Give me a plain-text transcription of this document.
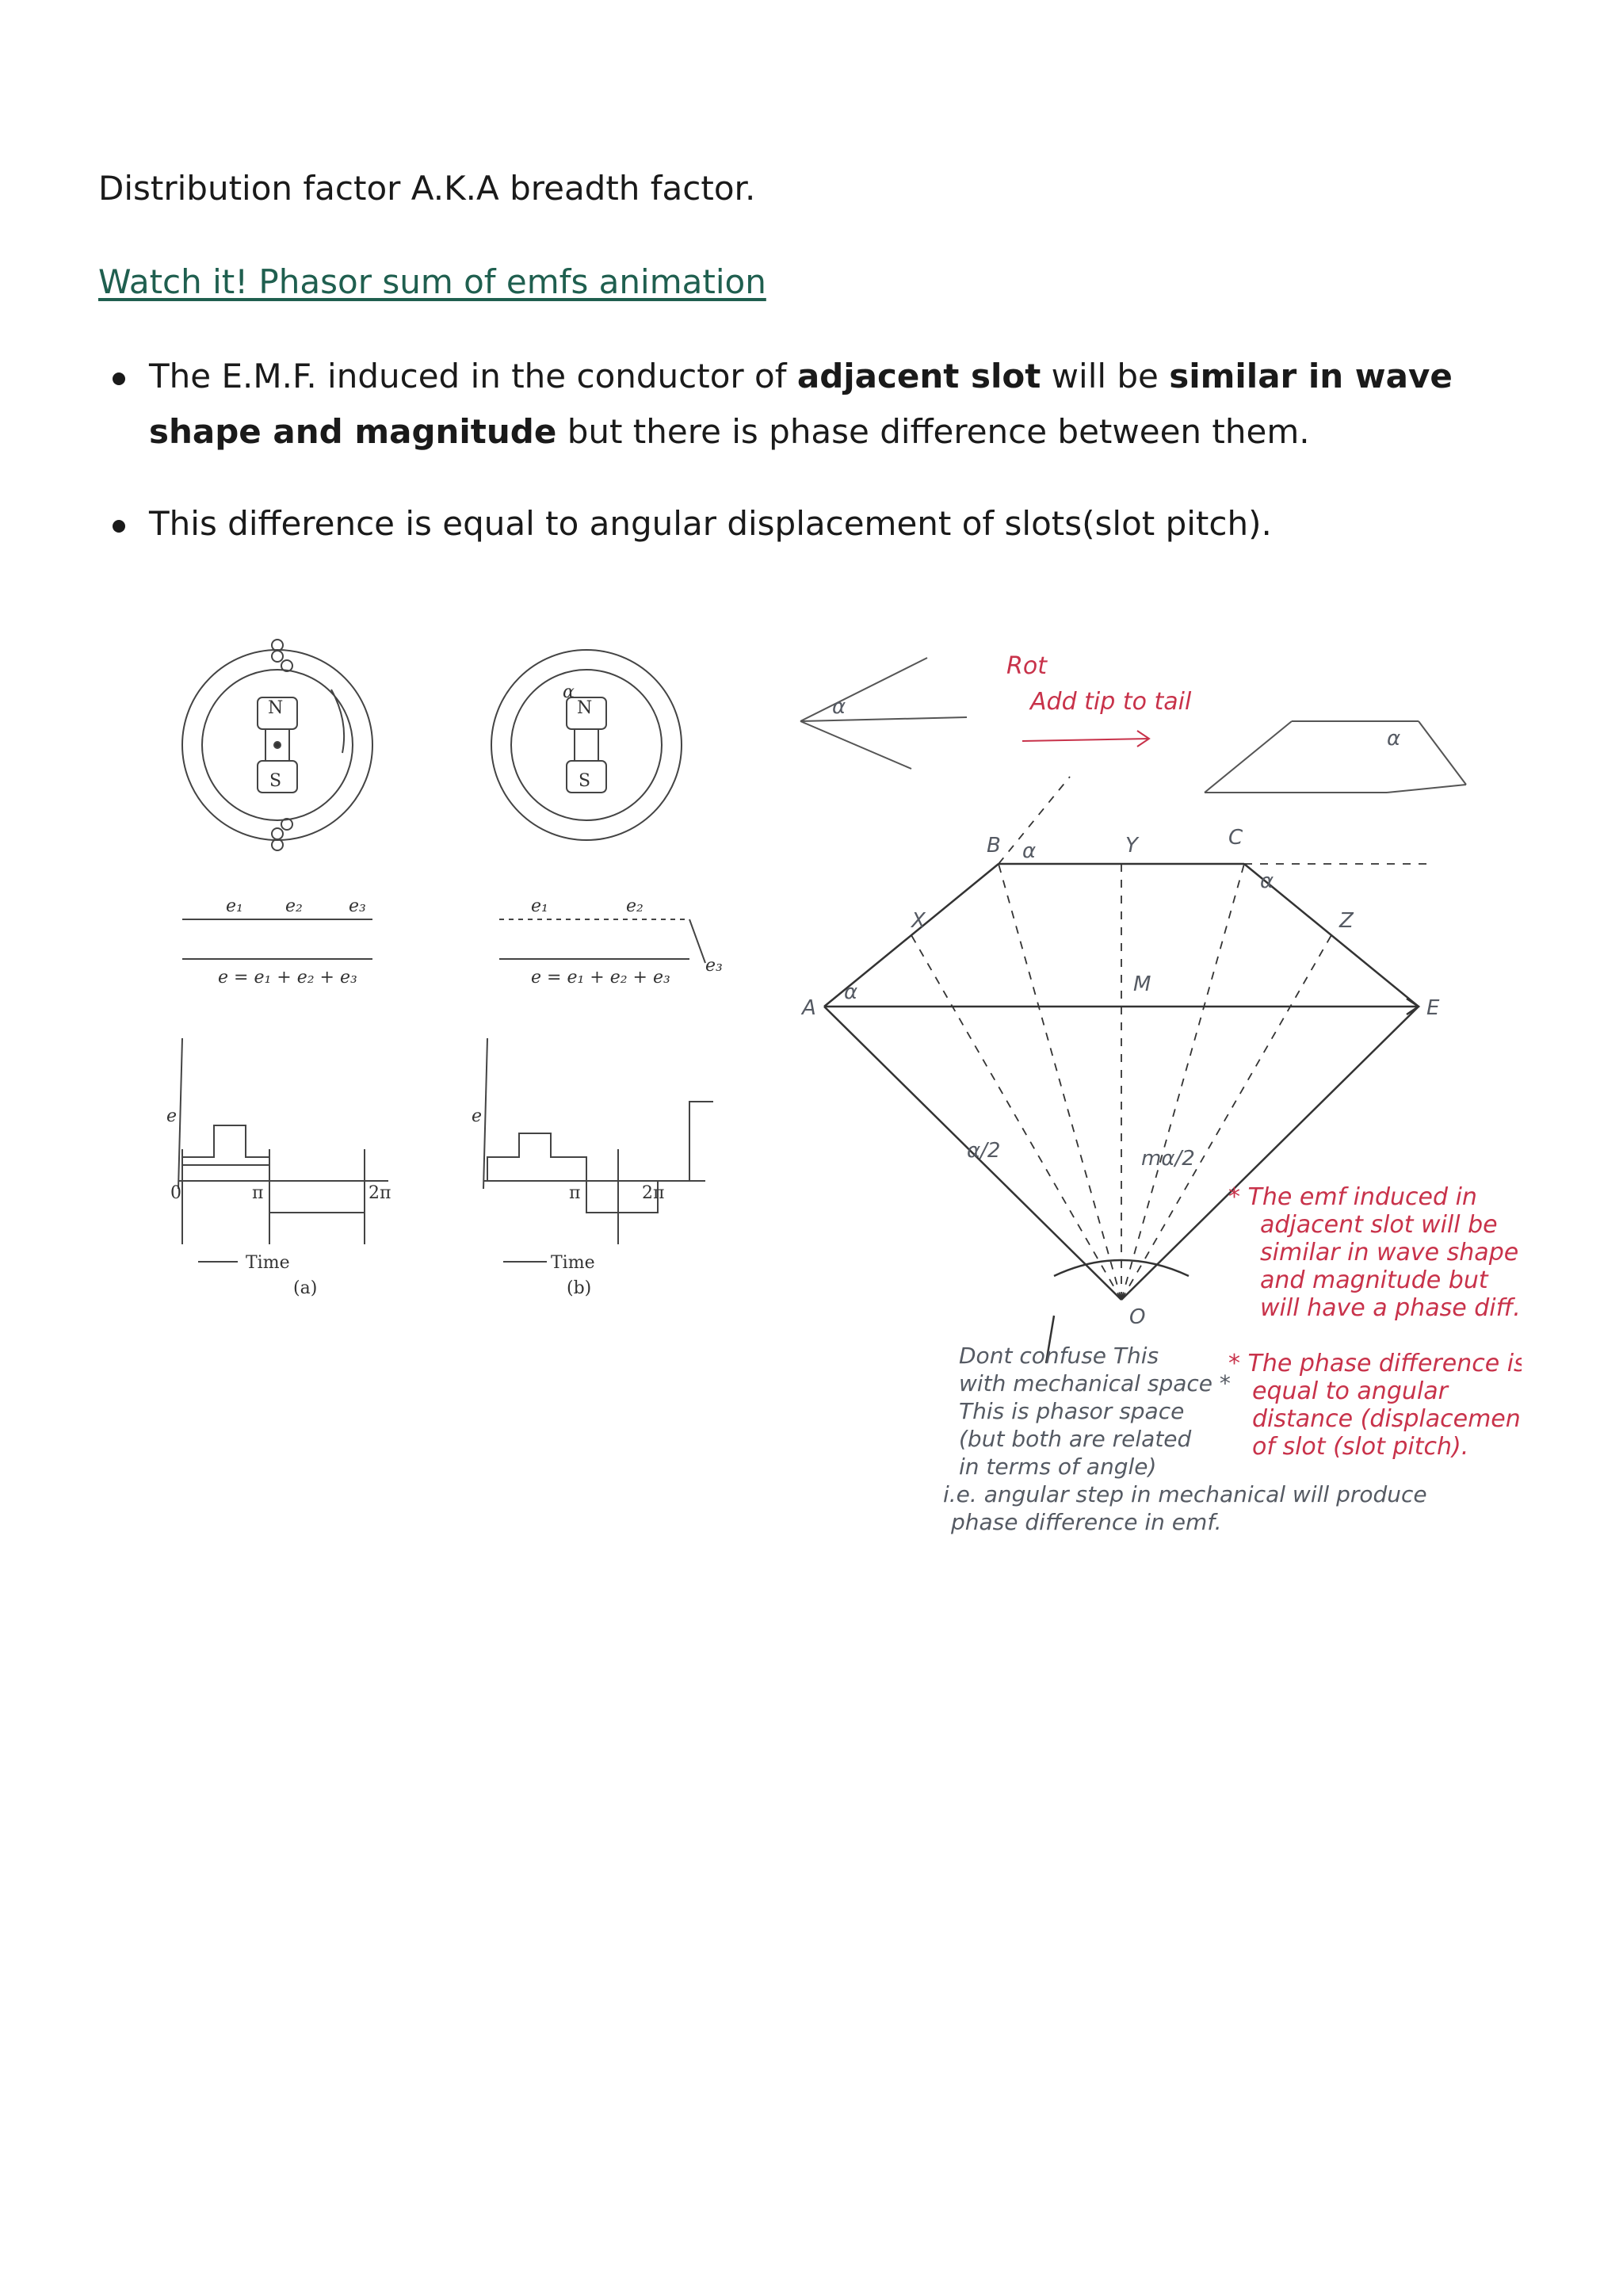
Distribution factor A.K.A breadth factor.

Watch it! Phasor sum of emfs animation
The E.M.F. induced in the conductor of adjacent slot will be similar in wave shape and magnitude but there is phase difference between them.
This difference is equal to angular displacement of slots(slot pitch).
N
S
e₁ e₂	e₃
e = e₁ + e₂ + e₃
e
π	2π
0
Time
(a)
N
S
α
e₁	e₂
e₃
e = e₁ + e₂ + e₃
e
π	2π
Time
(b)
A
B	C
E
M
O
X
Y
Z
α
α
α
α/2	mα/2
α
α
Rot
Add tip to tail
* The emf induced in
adjacent slot will be
similar in wave shape
and magnitude but
will have a phase diff.
* The phase difference is
equal to angular
distance (displacement)
of slot (slot pitch).
Dont confuse This
with mechanical space *
This is phasor space
(but both are related
in terms of angle)
i.e. angular step in mechanical will produce
phase difference in emf.
